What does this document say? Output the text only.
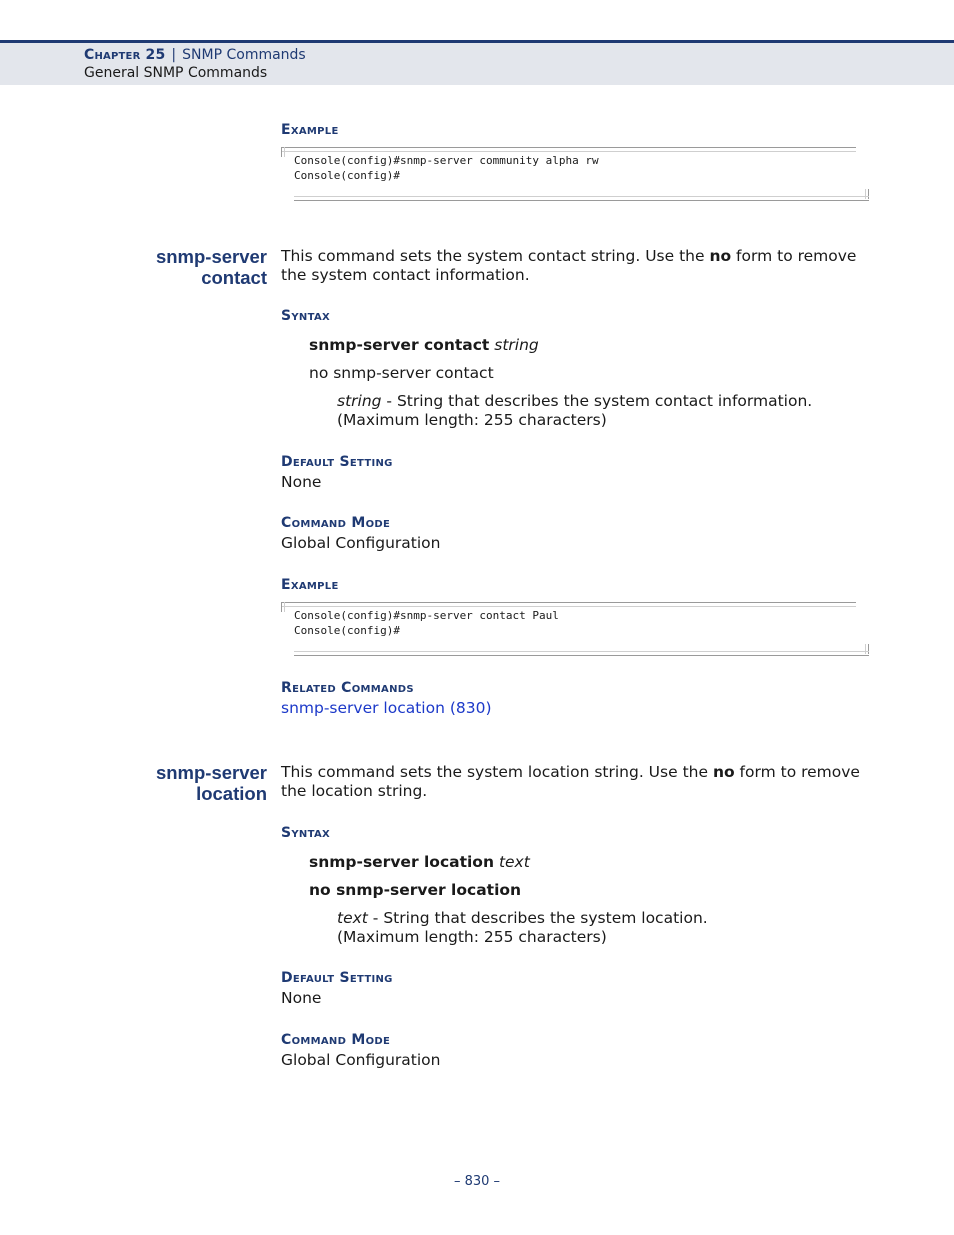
Chapter 25 | SNMP Commands
General SNMP Commands
Example
Console(config)#snmp-server community alpha rw
Console(config)#
snmp-server
contact
This command sets the system contact string. Use the no form to remove the system contact information.
Syntax
snmp-server contact string
no snmp-server contact
string - String that describes the system contact information.
(Maximum length: 255 characters)
Default Setting
None
Command Mode
Global Configuration
Example
Console(config)#snmp-server contact Paul
Console(config)#
Related Commands
snmp-server location (830)
snmp-server
location
This command sets the system location string. Use the no form to remove the location string.
Syntax
snmp-server location text
no snmp-server location
text - String that describes the system location.
(Maximum length: 255 characters)
Default Setting
None
Command Mode
Global Configuration
– 830 –
